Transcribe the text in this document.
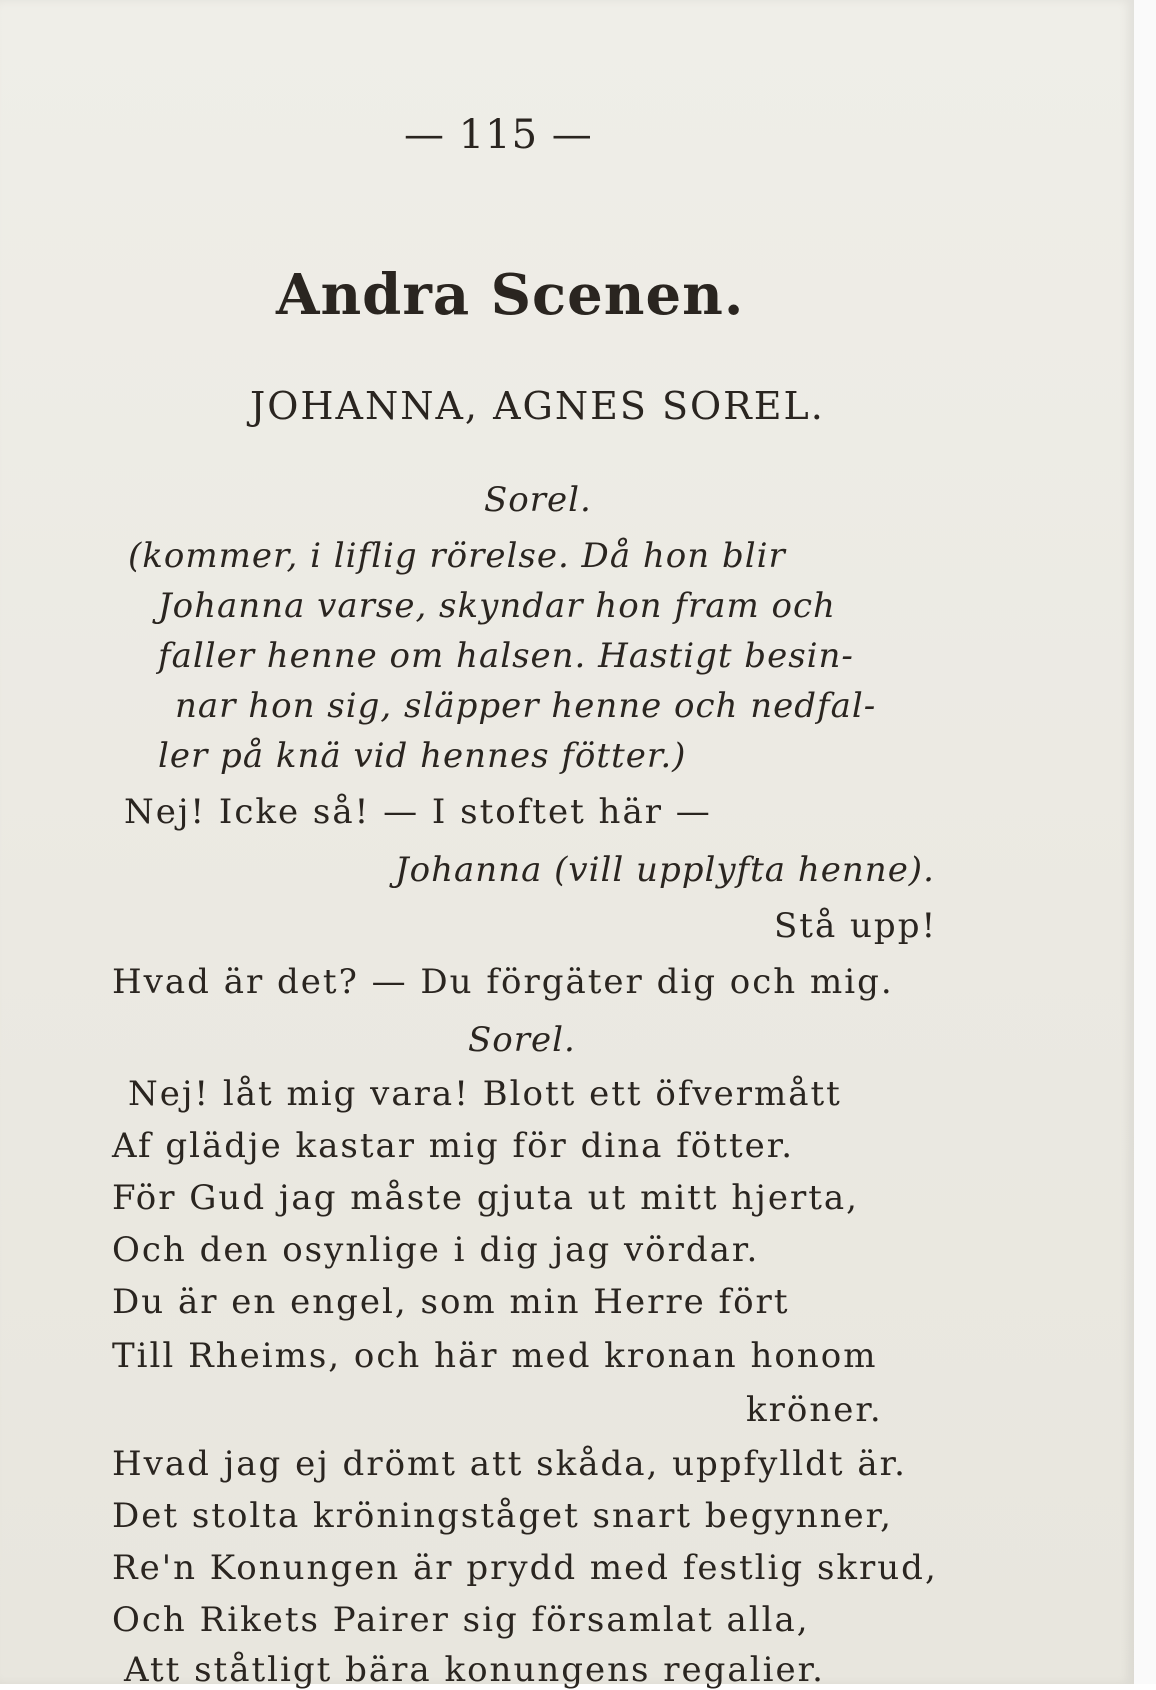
— 115 —
Andra Scenen.
JOHANNA, AGNES SOREL.
Sorel.
(kommer, i liflig rörelse. Då hon blir
Johanna varse, skyndar hon fram och
faller henne om halsen. Hastigt besin-
nar hon sig, släpper henne och nedfal-
ler på knä vid hennes fötter.)
Nej! Icke så! — I stoftet här —
Johanna (vill upplyfta henne).
Stå upp!
Hvad är det? — Du förgäter dig och mig.
Sorel.
Nej! låt mig vara! Blott ett öfvermått
Af glädje kastar mig för dina fötter.
För Gud jag måste gjuta ut mitt hjerta,
Och den osynlige i dig jag vördar.
Du är en engel, som min Herre fört
Till Rheims, och här med kronan honom
kröner.
Hvad jag ej drömt att skåda, uppfylldt är.
Det stolta kröningståget snart begynner,
Re'n Konungen är prydd med festlig skrud,
Och Rikets Pairer sig församlat alla,
Att ståtligt bära konungens regalier.
